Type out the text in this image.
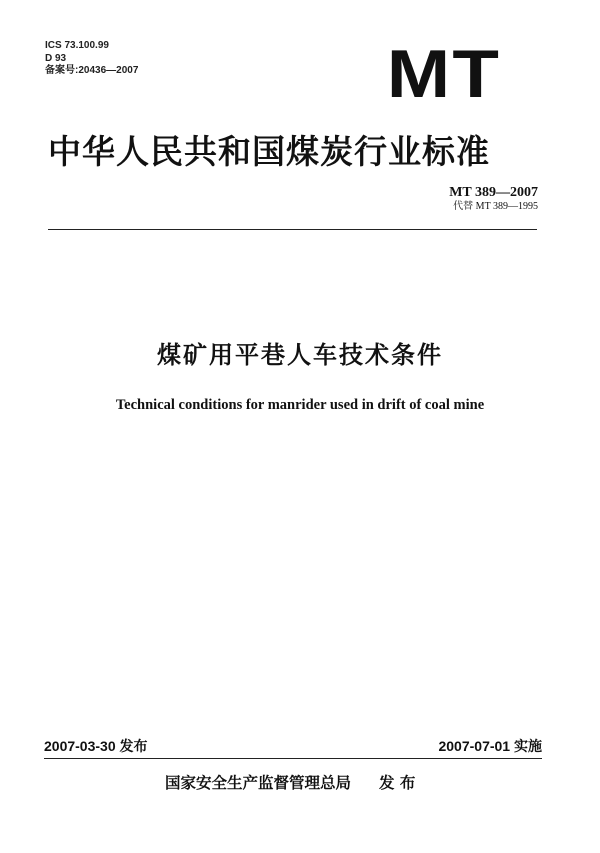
ICS 73.100.99
D 93
备案号:20436—2007	MT
中华人民共和国煤炭行业标准
MT 389—2007
代替 MT 389—1995
煤矿用平巷人车技术条件
Technical conditions for manrider used in drift of coal mine
2007-03-30 发布	2007-07-01 实施
国家安全生产监督管理总局 发 布
